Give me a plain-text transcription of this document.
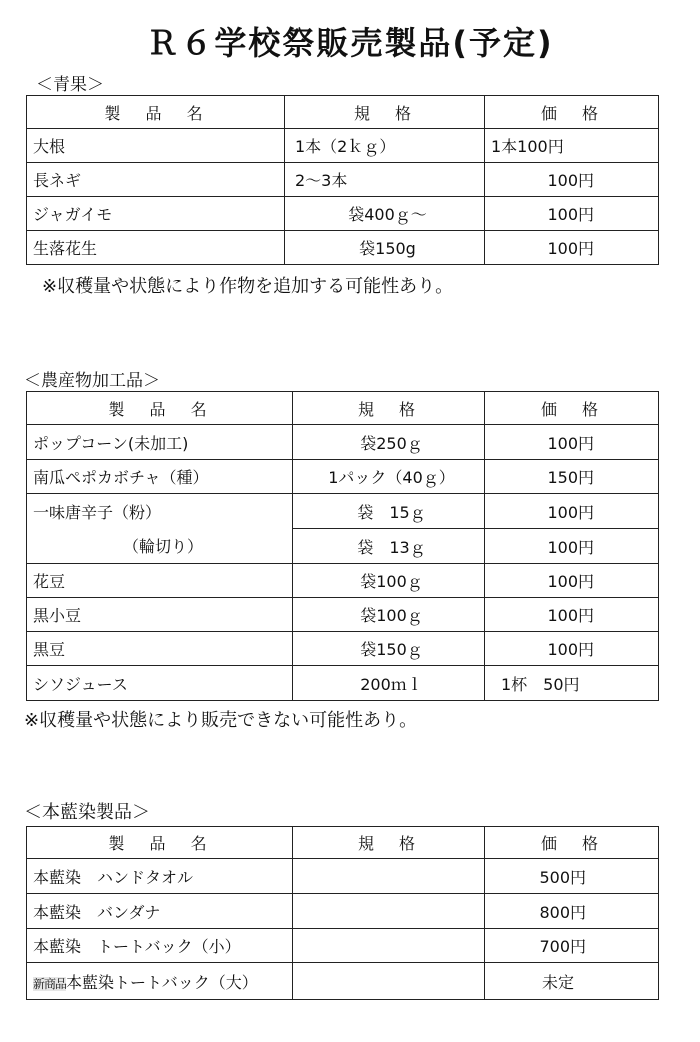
Ｒ６学校祭販売製品(予定)
＜青果＞
製 品 名	規 格	価 格
大根	1本（2ｋｇ）	1本100円
長ネギ	2～3本	100円
ジャガイモ	袋400ｇ～	100円
生落花生	袋150g	100円
※収穫量や状態により作物を追加する可能性あり。
＜農産物加工品＞
製 品 名	規 格	価 格
ポップコーン(未加工)	袋250ｇ	100円
南瓜ペポカボチャ（種）	1パック（40ｇ）	150円
一味唐辛子（粉）	袋　15ｇ	100円
（輪切り）	袋　13ｇ	100円
花豆	袋100ｇ	100円
黒小豆	袋100ｇ	100円
黒豆	袋150ｇ	100円
シソジュース	200ｍｌ	1杯　50円
※収穫量や状態により販売できない可能性あり。
＜本藍染製品＞
製 品 名	規 格	価 格
本藍染　ハンドタオル		500円
本藍染　バンダナ		800円
本藍染　トートバック（小）		700円
新商品本藍染トートバック（大）		未定
